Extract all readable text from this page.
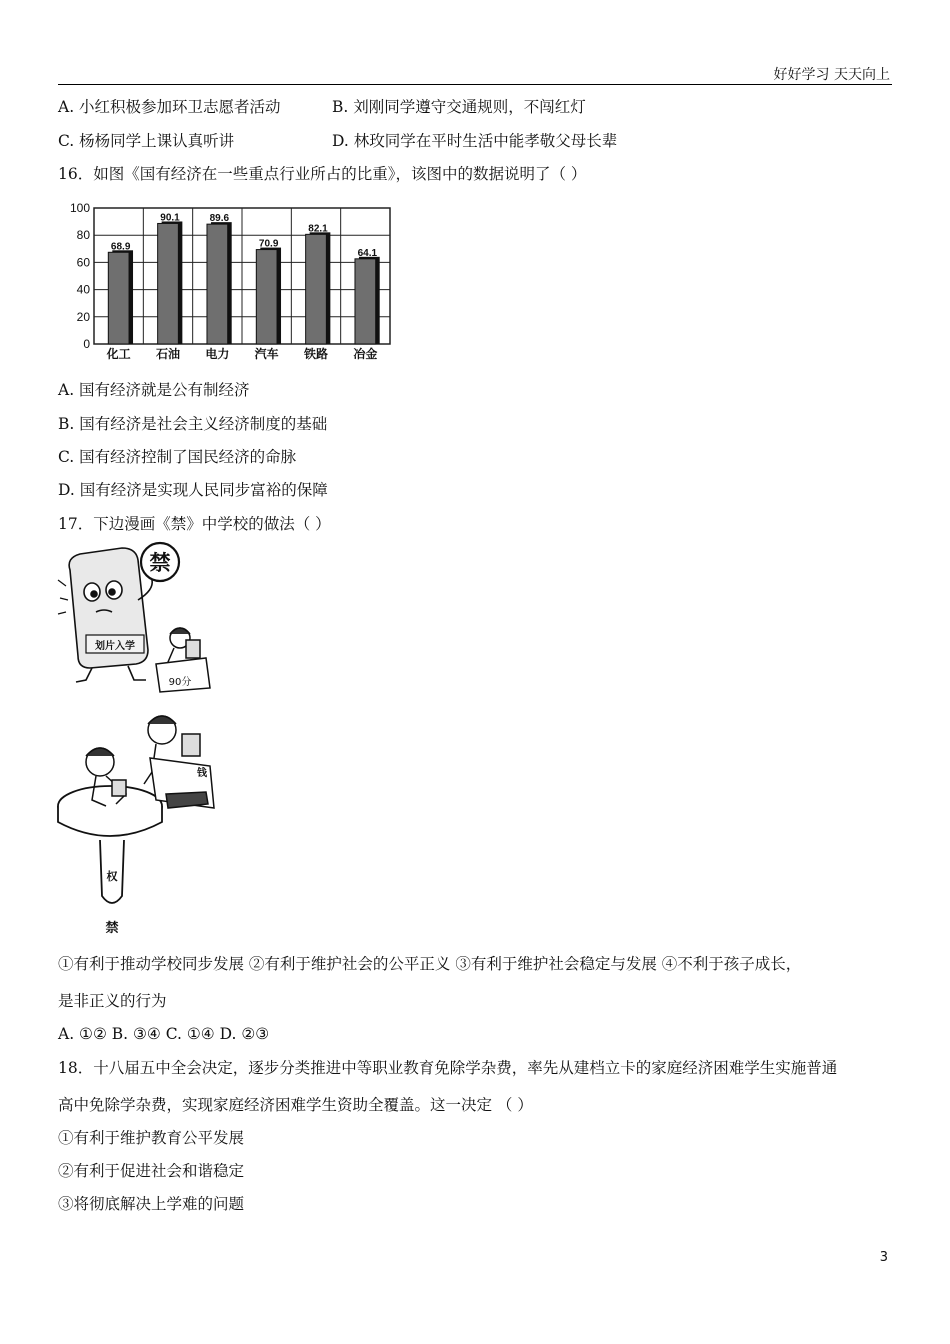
好好学习 天天向上
A. 小红积极参加环卫志愿者活动	B. 刘刚同学遵守交通规则，不闯红灯
C. 杨杨同学上课认真听讲	D. 林玫同学在平时生活中能孝敬父母长辈
16．如图《国有经济在一些重点行业所占的比重》，该图中的数据说明了（ ）
0
20
40
60
80
100
68.9
90.1	89.6
70.9
82.1
64.1
化工 石油 电力 汽车 铁路 冶金
A. 国有经济就是公有制经济
B. 国有经济是社会主义经济制度的基础
C. 国有经济控制了国民经济的命脉
D. 国有经济是实现人民同步富裕的保障
17．下边漫画《禁》中学校的做法（ ）
禁
划片入学
90分
权
钱
禁
①有利于推动学校同步发展 ②有利于维护社会的公平正义 ③有利于维护社会稳定与发展 ④不利于孩子成长，
是非正义的行为
A. ①② B. ③④ C. ①④ D. ②③
18．十八届五中全会决定，逐步分类推进中等职业教育免除学杂费，率先从建档立卡的家庭经济困难学生实施普通
高中免除学杂费，实现家庭经济困难学生资助全覆盖。这一决定 （ ）
①有利于维护教育公平发展
②有利于促进社会和谐稳定
③将彻底解决上学难的问题
3
